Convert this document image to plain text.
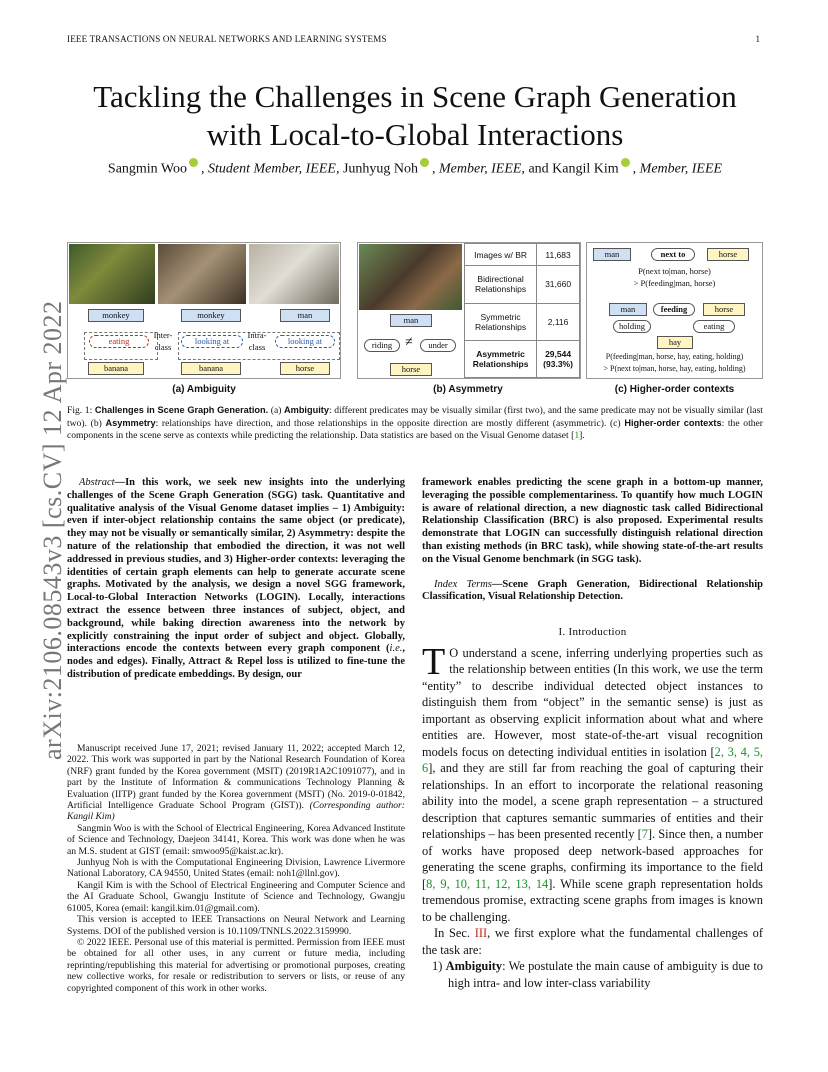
IEEE TRANSACTIONS ON NEURAL NETWORKS AND LEARNING SYSTEMS	1
arXiv:2106.08543v3 [cs.CV] 12 Apr 2022
Tackling the Challenges in Scene Graph Generation
with Local-to-Global Interactions
Sangmin Woo , Student Member, IEEE, Junhyug Noh , Member, IEEE, and Kangil Kim , Member, IEEE
monkey	monkey	man
eating	looking at	looking at
Inter-
class
Intra-
class
banana	banana	horse
(a) Ambiguity
man
riding ≠	under
horse
Images w/ BR	11,683
Bidirectional Relationships	31,660
Symmetric Relationships	2,116
Asymmetric Relationships	29,544 (93.3%)
(b) Asymmetry
man	next to	horse
P(next to|man, horse)
> P(feeding|man, horse)
man	feeding	horse
holding	eating
hay
P(feeding|man, horse, hay, eating, holding)
> P(next to|man, horse, hay, eating, holding)
(c) Higher-order contexts
Fig. 1: Challenges in Scene Graph Generation. (a) Ambiguity: different predicates may be visually similar (first two), and the same predicate may not be visually similar (last two). (b) Asymmetry: relationships have direction, and those relationships in the opposite direction are mostly different (asymmetric). (c) Higher-order contexts: the other components in the scene serve as contexts while predicting the relationship. Data statistics are based on the Visual Genome dataset [1].
Abstract—In this work, we seek new insights into the underlying challenges of the Scene Graph Generation (SGG) task. Quantitative and qualitative analysis of the Visual Genome dataset implies – 1) Ambiguity: even if inter-object relationship contains the same object (or predicate), they may not be visually or semantically similar, 2) Asymmetry: despite the nature of the relationship that embodied the direction, it was not well addressed in previous studies, and 3) Higher-order contexts: leveraging the identities of certain graph elements can help to generate accurate scene graphs. Motivated by the analysis, we design a novel SGG framework, Local-to-Global Interaction Networks (LOGIN). Locally, interactions extract the essence between three instances of subject, object, and background, while baking direction awareness into the network by explicitly constraining the input order of subject and object. Globally, interactions encode the contexts between every graph component (i.e., nodes and edges). Finally, Attract & Repel loss is utilized to fine-tune the distribution of predicate embeddings. By design, our

Manuscript received June 17, 2021; revised January 11, 2022; accepted March 12, 2022. This work was supported in part by the National Research Foundation of Korea (NRF) grant funded by the Korea government (MSIT) (2019R1A2C1091077), and in part by the Institute of Information & communications Technology Planning & Evaluation (IITP) grant funded by the Korea government (MSIT) (No. 2019-0-01842, Artificial Intelligence Graduate School Program (GIST)). (Corresponding author: Kangil Kim)

Sangmin Woo is with the School of Electrical Engineering, Korea Advanced Institute of Science and Technology, Daejeon 34141, Korea. This work was done when he was an M.S. student at GIST (email: smwoo95@kaist.ac.kr).

Junhyug Noh is with the Computational Engineering Division, Lawrence Livermore National Laboratory, CA 94550, United States (email: noh1@llnl.gov).

Kangil Kim is with the School of Electrical Engineering and Computer Science and the AI Graduate School, Gwangju Institute of Science and Technology, Gwangju 61005, Korea (email: kangil.kim.01@gmail.com).

This version is accepted to IEEE Transactions on Neural Network and Learning Systems. DOI of the published version is 10.1109/TNNLS.2022.3159990.

© 2022 IEEE. Personal use of this material is permitted. Permission from IEEE must be obtained for all other uses, in any current or future media, including reprinting/republishing this material for advertising or promotional purposes, creating new collective works, for resale or redistribution to servers or lists, or reuse of any copyrighted component of this work in other works.

framework enables predicting the scene graph in a bottom-up manner, leveraging the possible complementariness. To quantify how much LOGIN is aware of relational direction, a new diagnostic task called Bidirectional Relationship Classification (BRC) is also proposed. Experimental results demonstrate that LOGIN can successfully distinguish relational direction than existing methods (in BRC task), while showing state-of-the-art results on the Visual Genome benchmark (in SGG task).
Index Terms—Scene Graph Generation, Bidirectional Relationship Classification, Visual Relationship Detection.
I. Introduction
T O understand a scene, inferring underlying properties such as the relationship between entities (In this work, we use the term “entity” to describe individual detected object instances to distinguish them from “object” in the semantic sense) is just as important as observing explicit information about what and where entities are. However, most state-of-the-art visual recognition models focus on detecting individual entities in isolation [2, 3, 4, 5, 6], and they are still far from reaching the goal of capturing their relationships. In an effort to incorporate the relational reasoning ability into the model, a scene graph representation – a structured description that captures semantic summaries of entities and their relationships – has been presented recently [7]. Since then, a number of works have proposed deep network-based approaches for generating the scene graphs, confirming its importance to the field [8, 9, 10, 11, 12, 13, 14]. While scene graph representation holds tremendous promise, extracting scene graphs from images is known to be challenging.
In Sec. III, we first explore what the fundamental challenges of the task are:
1) Ambiguity: We postulate the main cause of ambiguity is due to high intra- and low inter-class variability
